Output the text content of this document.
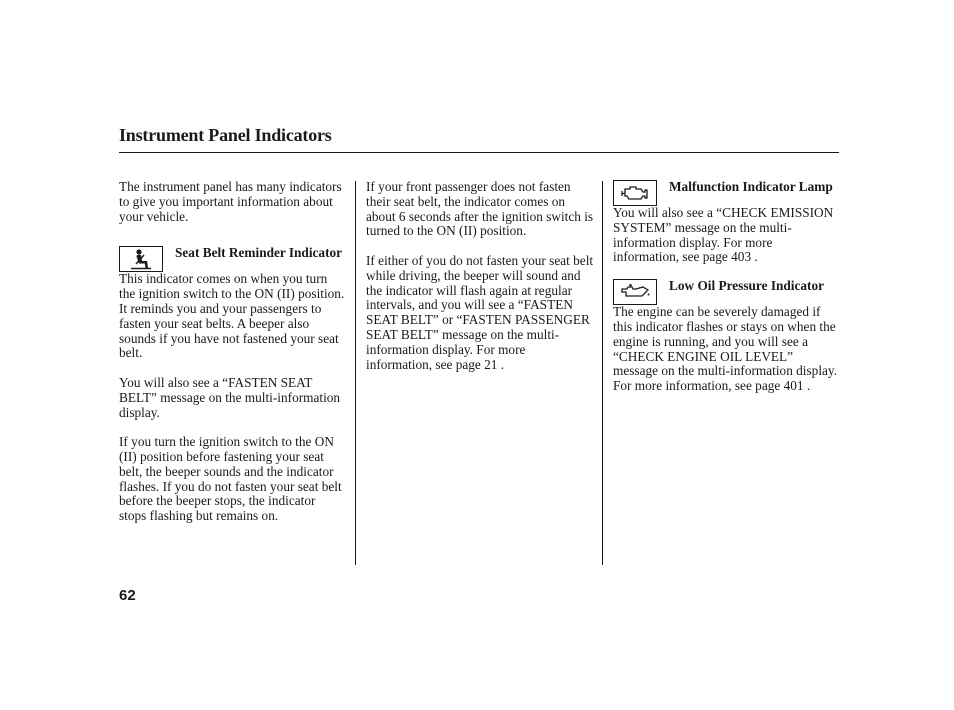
Instrument Panel Indicators

The instrument panel has many indicators to give you important information about your vehicle.

Seat Belt Reminder Indicator

This indicator comes on when you turn the ignition switch to the ON (II) position. It reminds you and your passengers to fasten your seat belts. A beeper also sounds if you have not fastened your seat belt.

You will also see a “FASTEN SEAT BELT” message on the multi-information display.

If you turn the ignition switch to the ON (II) position before fastening your seat belt, the beeper sounds and the indicator flashes. If you do not fasten your seat belt before the beeper stops, the indicator stops flashing but remains on.

If your front passenger does not fasten their seat belt, the indicator comes on about 6 seconds after the ignition switch is turned to the ON (II) position.

If either of you do not fasten your seat belt while driving, the beeper will sound and the indicator will flash again at regular intervals, and you will see a “FASTEN SEAT BELT” or “FASTEN PASSENGER SEAT BELT” message on the multi-information display. For more information, see page 21 .

Malfunction Indicator Lamp

You will also see a “CHECK EMISSION SYSTEM” message on the multi-information display. For more information, see page 403 .

Low Oil Pressure Indicator

The engine can be severely damaged if this indicator flashes or stays on when the engine is running, and you will see a “CHECK ENGINE OIL LEVEL” message on the multi-information display. For more information, see page 401 .

62
